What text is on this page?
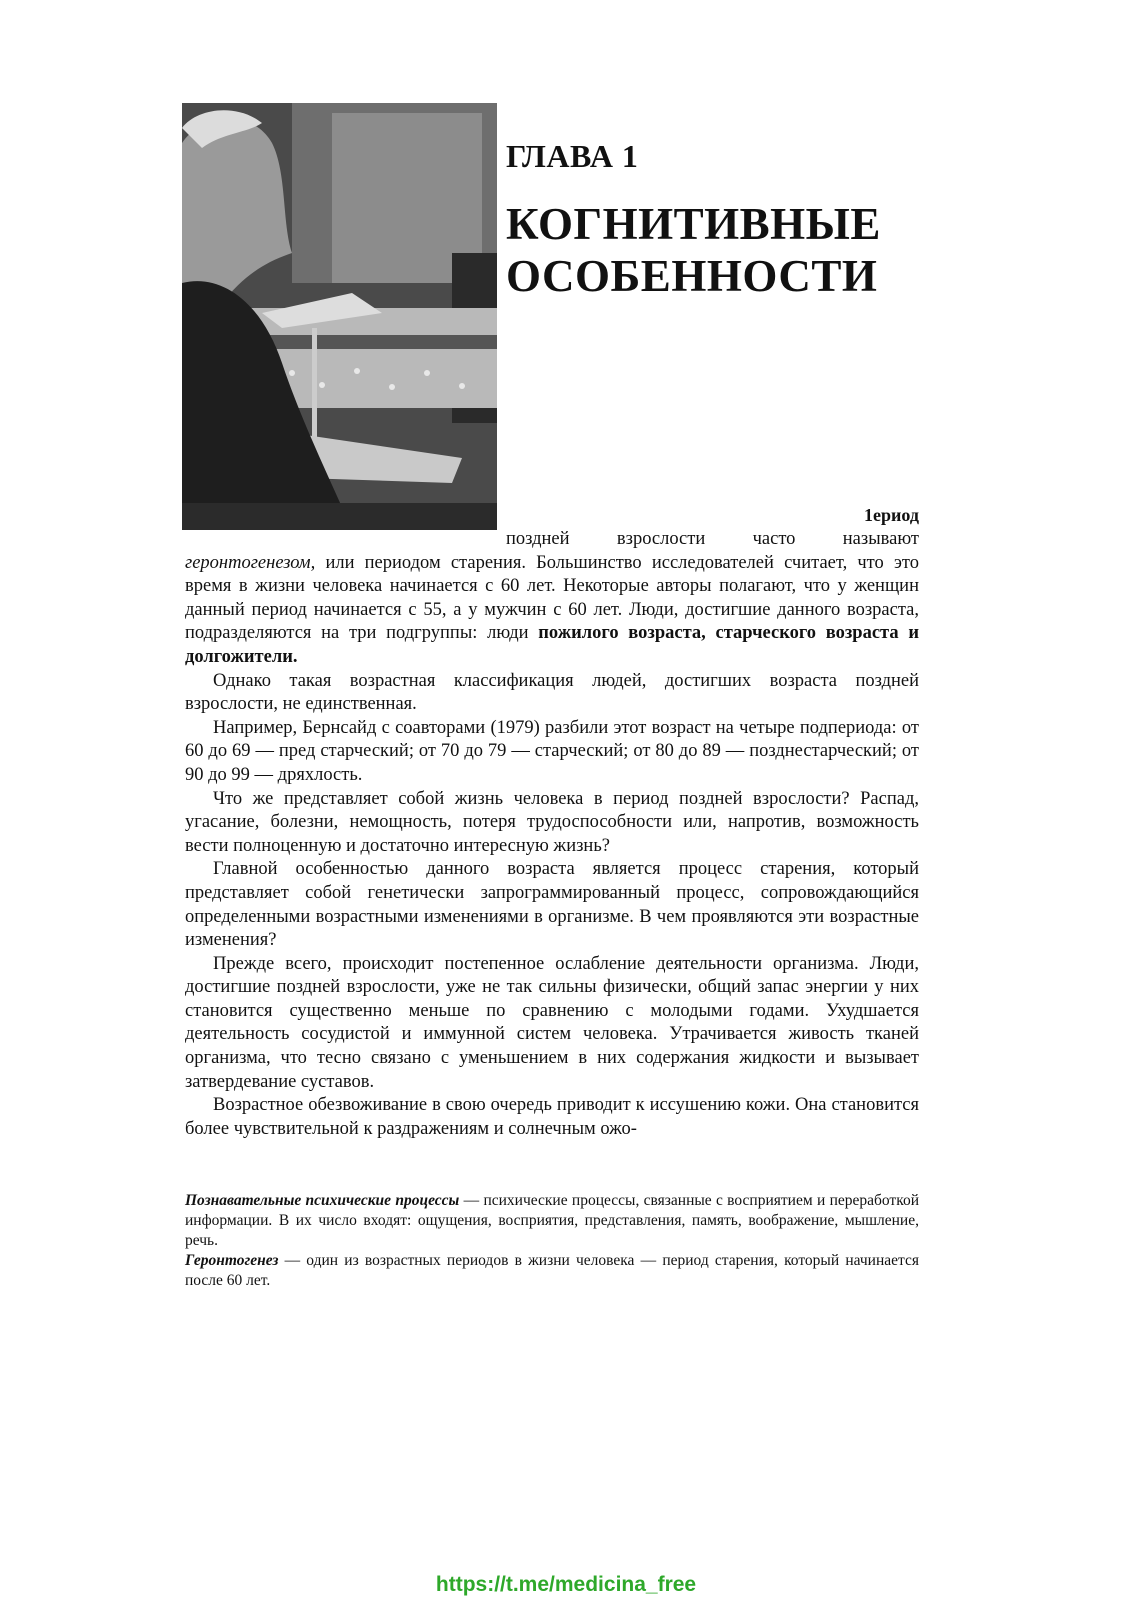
ГЛАВА 1
КОГНИТИВНЫЕ ОСОБЕННОСТИ
1ериод

поздней взрослости часто называют
геронтогенезом, или периодом старения. Большинство исследователей считает, что это время в жизни человека начинается с 60 лет. Некоторые авторы полагают, что у женщин данный период начинается с 55, а у мужчин с 60 лет. Люди, достигшие данного возраста, подразделяются на три подгруппы: люди пожилого возраста, старческого возраста и долгожители.

Однако такая возрастная классификация людей, достигших возраста поздней взрослости, не единственная.

Например, Бернсайд с соавторами (1979) разбили этот возраст на четыре подпериода: от 60 до 69 — пред старческий; от 70 до 79 — старческий; от 80 до 89 — позднестарческий; от 90 до 99 — дряхлость.

Что же представляет собой жизнь человека в период поздней взрослости? Распад, угасание, болезни, немощность, потеря трудоспособности или, напротив, возможность вести полноценную и достаточно интересную жизнь?

Главной особенностью данного возраста является процесс старения, который представляет собой генетически запрограммированный процесс, сопровождающийся определенными возрастными изменениями в организме. В чем проявляются эти возрастные изменения?

Прежде всего, происходит постепенное ослабление деятельности организма. Люди, достигшие поздней взрослости, уже не так сильны физически, общий запас энергии у них становится существенно меньше по сравнению с молодыми годами. Ухудшается деятельность сосудистой и иммунной систем человека. Утрачивается живость тканей организма, что тесно связано с уменьшением в них содержания жидкости и вызывает затвердевание суставов.

Возрастное обезвоживание в свою очередь приводит к иссушению кожи. Она становится более чувствительной к раздражениям и солнечным ожо-

Познавательные психические процессы — психические процессы, связанные с восприятием и переработкой информации. В их число входят: ощущения, восприятия, представления, память, воображение, мышление, речь.

Геронтогенез — один из возрастных периодов в жизни человека — период старения, который начинается после 60 лет.

https://t.me/medicina_free
